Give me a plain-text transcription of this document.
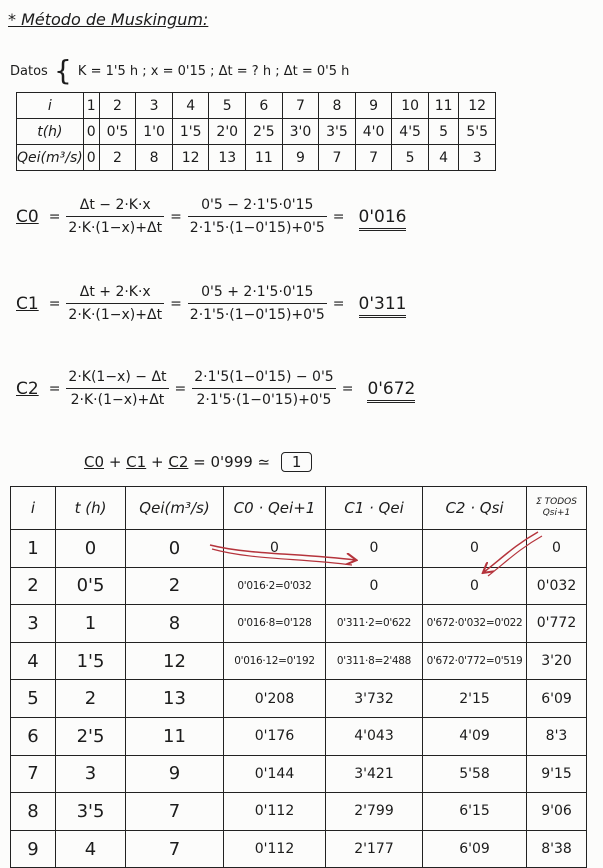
* Método de Muskingum:
Datos { K = 1'5 h ; x = 0'15 ; Δt = ? h ; Δt = 0'5 h
i	1	2	3	4	5	6	7	8	9	10	11	12
t(h)	0	0'5	1'0	1'5	2'0	2'5	3'0	3'5	4'0	4'5	5	5'5
Qei(m³/s)	0	2	8	12	13	11	9	7	7	5	4	3
$C0 = \frac{\Delta t - 2\cdot K\cdot x}{2\cdot K\cdot(1-x)+\Delta t} = \frac{0'5 - 2\cdot 1'5\cdot 0'15}{2\cdot 1'5\cdot(1-0'15)+0'5} = 0'016$
$C1 = \frac{\Delta t + 2\cdot K\cdot x}{2\cdot K\cdot(1-x)+\Delta t} = \frac{0'5 + 2\cdot 1'5\cdot 0'15}{2\cdot 1'5\cdot(1-0'15)+0'5} = 0'311$
$C2 = \frac{2\cdot K(1-x) - \Delta t}{2\cdot K\cdot(1-x)+\Delta t} = \frac{2\cdot 1'5(1-0'15) - 0'5}{2\cdot 1'5\cdot(1-0'15)+0'5} = 0'672$
C0 + C1 + C2 = 0'999 ≃ 1
i	t (h)	Qei(m³/s)	C0 · Qei+1	C1 · Qei	C2 · Qsi	Σ TODOS
Qsi+1

1	0	0	0	0	0	0
2	0'5	2	0'016·2=0'032	0	0	0'032
3	1	8	0'016·8=0'128	0'311·2=0'622	0'672·0'032=0'022	0'772
4	1'5	12	0'016·12=0'192	0'311·8=2'488	0'672·0'772=0'519	3'20
5	2	13	0'208	3'732	2'15	6'09
6	2'5	11	0'176	4'043	4'09	8'3
7	3	9	0'144	3'421	5'58	9'15
8	3'5	7	0'112	2'799	6'15	9'06
9	4	7	0'112	2'177	6'09	8'38
